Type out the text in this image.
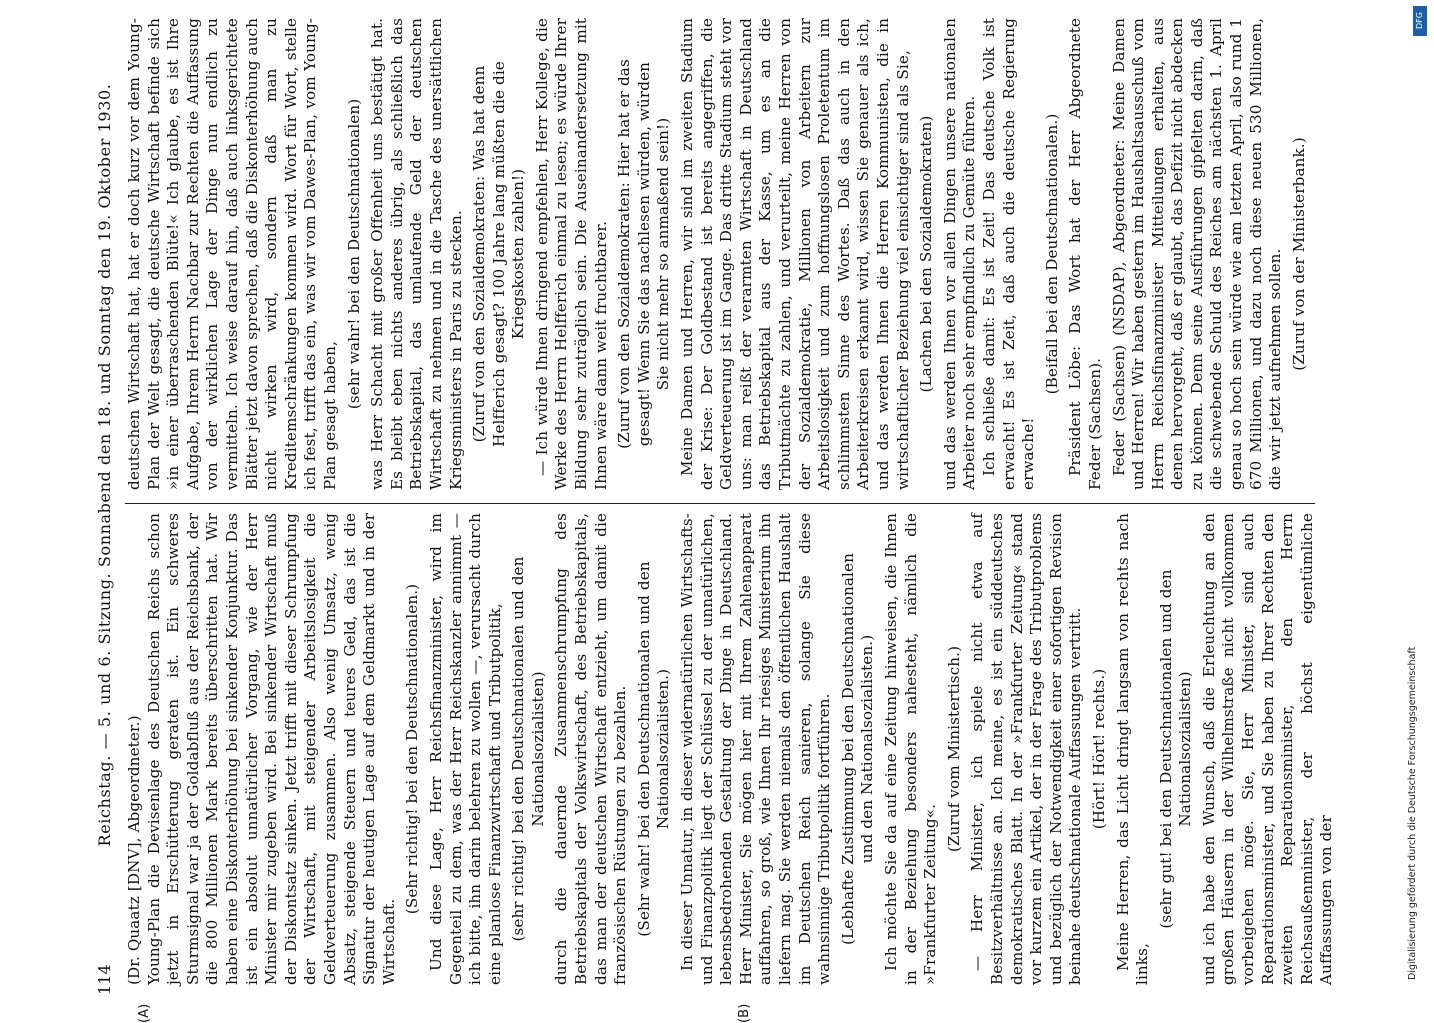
114
Reichstag. — 5. und 6. Sitzung. Sonnabend den 18. und Sonntag den 19. Oktober 1930.

(Dr. Quaatz [DNV], Abgeordneter.) Young-Plan die Devisenlage des Deutschen Reichs schon jetzt in Erschütterung geraten ist. Ein schweres Sturmsignal war ja der Goldabfluß aus der Reichsbank, der die 800 Millionen Mark bereits überschritten hat. Wir haben eine Diskonterhöhung bei sinkender Konjunktur. Das ist ein absolut unnatürlicher Vorgang, wie der Herr Minister mir zugeben wird. Bei sinkender Wirtschaft muß der Diskontsatz sinken. Jetzt trifft mit dieser Schrumpfung der Wirtschaft, mit steigender Arbeitslosigkeit die Geldverteuerung zusammen. Also wenig Umsatz, wenig Absatz, steigende Steuern und teures Geld, das ist die Signatur der heutigen Lage auf dem Geldmarkt und in der Wirtschaft.

(Sehr richtig! bei den Deutschnationalen.) Und diese Lage, Herr Reichsfinanzminister, wird im Gegenteil zu dem, was der Herr Reichskanzler annimmt — ich bitte, ihn darin belehren zu wollen —, verursacht durch eine planlose Finanzwirtschaft und Tributpolitik, (sehr richtig! bei den Deutschnationalen und den Nationalsozialisten) durch die dauernde Zusammenschrumpfung des Betriebskapitals der Volkswirtschaft, des Betriebskapitals, das man der deutschen Wirtschaft entzieht, um damit die französischen Rüstungen zu bezahlen. (Sehr wahr! bei den Deutschnationalen und den Nationalsozialisten.) In dieser Unnatur, in dieser widernatürlichen Wirtschafts- und Finanzpolitik liegt der Schlüssel zu der unnatürlichen, lebensbedrohenden Gestaltung der Dinge in Deutschland. Herr Minister, Sie mögen hier mit Ihrem Zahlenapparat auffahren, so groß, wie Ihnen Ihr riesiges Ministerium ihn liefern mag. Sie werden niemals den öffentlichen Haushalt im Deutschen Reich sanieren, solange Sie diese wahnsinnige Tributpolitik fortführen. (Lebhafte Zustimmung bei den Deutschnationalen und den Nationalsozialisten.) Ich möchte Sie da auf eine Zeitung hinweisen, die Ihnen in der Beziehung besonders nahesteht, nämlich die »Frankfurter Zeitung«.

(Zuruf vom Ministertisch.) — Herr Minister, ich spiele nicht etwa auf Besitzverhältnisse an. Ich meine, es ist ein süddeutsches demokratisches Blatt. In der »Frankfurter Zeitung« stand vor kurzem ein Artikel, der in der Frage des Tributproblems und bezüglich der Notwendigkeit einer sofortigen Revision beinahe deutschnationale Auffassungen vertritt. (Hört! Hört! rechts.) Meine Herren, das Licht dringt langsam von rechts nach links,

(sehr gut! bei den Deutschnationalen und den Nationalsozialisten) und ich habe den Wunsch, daß die Erleuchtung an den großen Häusern in der Wilhelmstraße nicht vollkommen vorbeigehen möge. Sie, Herr Minister, sind auch Reparationsminister, und Sie haben zu Ihrer Rechten den zweiten Reparationsminister, den Herrn Reichsaußenminister, der höchst eigentümliche Auffassungen von der

deutschen Wirtschaft hat, hat er doch kurz vor dem Young-Plan der Welt gesagt, die deutsche Wirtschaft befinde sich »in einer überraschenden Blüte!« Ich glaube, es ist Ihre Aufgabe, Ihrem Herrn Nachbar zur Rechten die Auffassung von der wirklichen Lage der Dinge nun endlich zu vermitteln. Ich weise darauf hin, daß auch linksgerichtete Blätter jetzt davon sprechen, daß die Diskonterhöhung auch nicht wirken wird, sondern daß man zu Kreditemschränkungen kommen wird. Wort für Wort, stelle ich fest, trifft das ein, was wir vom Dawes-Plan, vom Young-Plan gesagt haben,

(sehr wahr! bei den Deutschnationalen) was Herr Schacht mit großer Offenheit uns bestätigt hat. Es bleibt eben nichts anderes übrig, als schließlich das Betriebskapital, das umlaufende Geld der deutschen Wirtschaft zu nehmen und in die Tasche des unersättlichen Kriegsministers in Paris zu stecken. (Zuruf von den Sozialdemokraten: Was hat denn Helfferich gesagt? 100 Jahre lang müßten die die Kriegskosten zahlen!) — Ich würde Ihnen dringend empfehlen, Herr Kollege, die Werke des Herrn Helfferich einmal zu lesen; es würde Ihrer Bildung sehr zuträglich sein. Die Auseinandersetzung mit Ihnen wäre dann weit fruchtbarer. (Zuruf von den Sozialdemokraten: Hier hat er das gesagt! Wenn Sie das nachlesen würden, würden Sie nicht mehr so anmaßend sein!) Meine Damen und Herren, wir sind im zweiten Stadium der Krise: Der Goldbestand ist bereits angegriffen, die Geldverteuerung ist im Gange. Das dritte Stadium steht vor uns: man reißt der verarmten Wirtschaft in Deutschland das Betriebskapital aus der Kasse, um es an die Tributmächte zu zahlen, und verurteilt, meine Herren von der Sozialdemokratie, Millionen von Arbeitern zur Arbeitslosigkeit und zum hoffnungslosen Proletentum im schlimmsten Sinne des Wortes. Daß das auch in den Arbeiterkreisen erkannt wird, wissen Sie genauer als ich, und das werden Ihnen die Herren Kommunisten, die in wirtschaftlicher Beziehung viel einsichtiger sind als Sie, (Lachen bei den Sozialdemokraten) und das werden Ihnen vor allen Dingen unsere nationalen Arbeiter noch sehr empfindlich zu Gemüte führen. Ich schließe damit: Es ist Zeit! Das deutsche Volk ist erwacht! Es ist Zeit, daß auch die deutsche Regierung erwache!

(Beifall bei den Deutschnationalen.) Präsident Löbe: Das Wort hat der Herr Abgeordnete Feder (Sachsen). Feder (Sachsen) (NSDAP), Abgeordneter: Meine Damen und Herren! Wir haben gestern im Haushaltsausschuß vom Herrn Reichsfinanzminister Mitteilungen erhalten, aus denen hervorgeht, daß er glaubt, das Defizit nicht abdecken zu können. Denn seine Ausführungen gipfelten darin, daß die schwebende Schuld des Reiches am nächsten 1. April genau so hoch sein würde wie am letzten April, also rund 1 670 Millionen, und dazu noch diese neuen 530 Millionen, die wir jetzt aufnehmen sollen. (Zuruf von der Ministerbank.)

(A)	(B)
Digitalisierung gefördert durch die Deutsche Forschungsgemeinschaft
DFG
